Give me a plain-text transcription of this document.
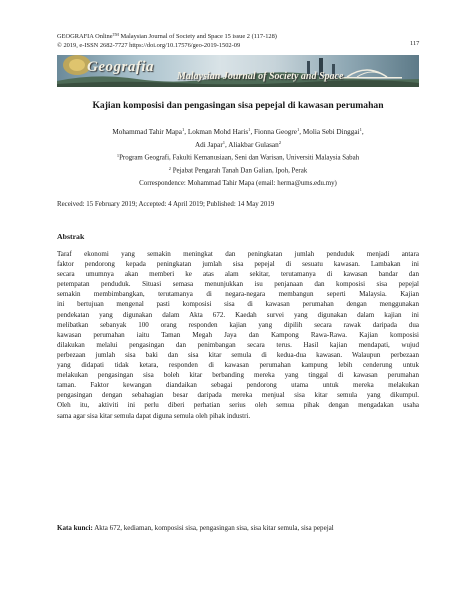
GEOGRAFIA Online™ Malaysian Journal of Society and Space 15 issue 2 (117-128)
© 2019, e-ISSN 2682-7727 https://doi.org/10.17576/geo-2019-1502-09	117
Geografia
Malaysian Journal of Society and Space
Kajian komposisi dan pengasingan sisa pepejal di kawasan perumahan
Mohammad Tahir Mapa$^1$, Lokman Mohd Haris$^1$, Fionna Geogre$^1$, Molia Sebi Dinggai$^1$,
Adi Japar$^1$, Aliakbar Gulasan$^2$
$^1$Program Geografi, Fakulti Kemanusiaan, Seni dan Warisan, Universiti Malaysia Sabah
$^2$ Pejabat Pengarah Tanah Dan Galian, Ipoh, Perak
Correspondence: Mohammad Tahir Mapa (email: herma@ums.edu.my)
Received: 15 February 2019; Accepted: 4 April 2019; Published: 14 May 2019
Abstrak
Taraf ekonomi yang semakin meningkat dan peningkatan jumlah penduduk menjadi antara
faktor pendorong kepada peningkatan jumlah sisa pepejal di sesuatu kawasan. Lambakan ini
secara umumnya akan memberi ke atas alam sekitar, terutamanya di kawasan bandar dan
petempatan penduduk. Situasi semasa menunjukkan isu penjanaan dan komposisi sisa pepejal
semakin membimbangkan, terutamanya di negara-negara membangun seperti Malaysia. Kajian
ini bertujuan mengenal pasti komposisi sisa di kawasan perumahan dengan menggunakan
pendekatan yang digunakan dalam Akta 672. Kaedah survei yang digunakan dalam kajian ini
melibatkan sebanyak 100 orang responden kajian yang dipilih secara rawak daripada dua
kawasan perumahan iaitu Taman Megah Jaya dan Kampong Rawa-Rawa. Kajian komposisi
dilakukan melalui pengasingan dan penimbangan secara terus. Hasil kajian mendapati, wujud
perbezaan jumlah sisa baki dan sisa kitar semula di kedua-dua kawasan. Walaupun perbezaan
yang didapati tidak ketara, responden di kawasan perumahan kampung lebih cenderung untuk
melakukan pengasingan sisa boleh kitar berbanding mereka yang tinggal di kawasan perumahan
taman. Faktor kewangan diandaikan sebagai pendorong utama untuk mereka melakukan
pengasingan dengan sebahagian besar daripada mereka menjual sisa kitar semula yang dikumpul.
Oleh itu, aktiviti ini perlu diberi perhatian serius oleh semua pihak dengan mengadakan usaha
sama agar sisa kitar semula dapat diguna semula oleh pihak industri.
Kata kunci: Akta 672, kediaman, komposisi sisa, pengasingan sisa, sisa kitar semula, sisa pepejal
